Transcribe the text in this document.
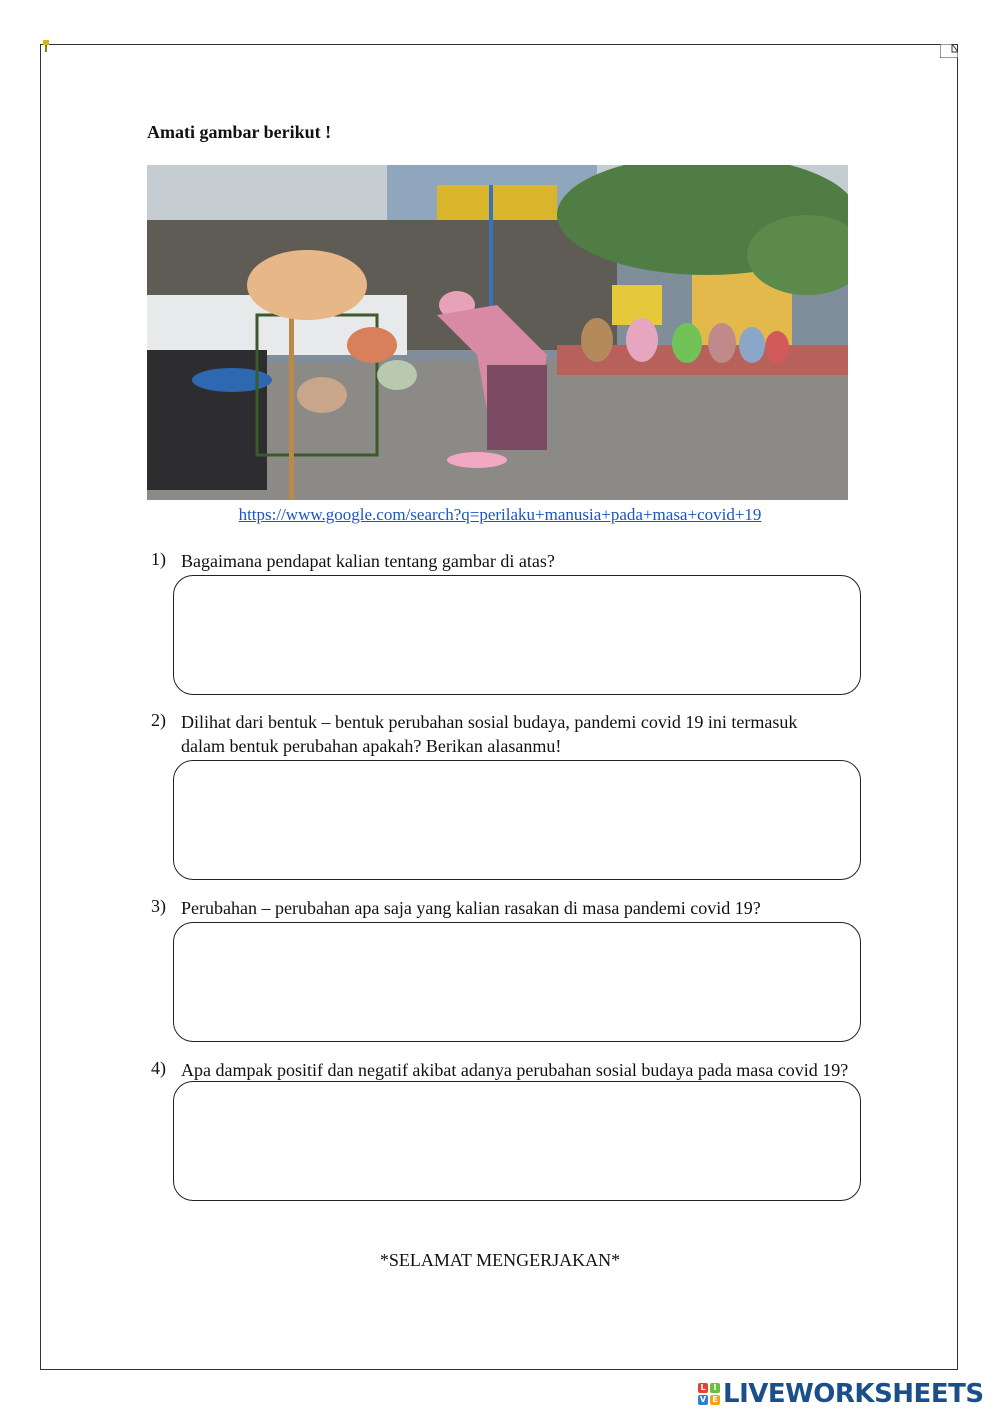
Amati gambar berikut !
https://www.google.com/search?q=perilaku+manusia+pada+masa+covid+19
1) Bagaimana pendapat kalian tentang gambar di atas?
2) Dilihat dari bentuk – bentuk perubahan sosial budaya, pandemi covid 19 ini termasuk
dalam bentuk perubahan apakah? Berikan alasanmu!
3) Perubahan – perubahan apa saja yang kalian rasakan di masa pandemi covid 19?
4) Apa dampak positif dan negatif akibat adanya perubahan sosial budaya pada masa covid 19?
*SELAMAT MENGERJAKAN*
L I
V E LIVEWORKSHEETS
